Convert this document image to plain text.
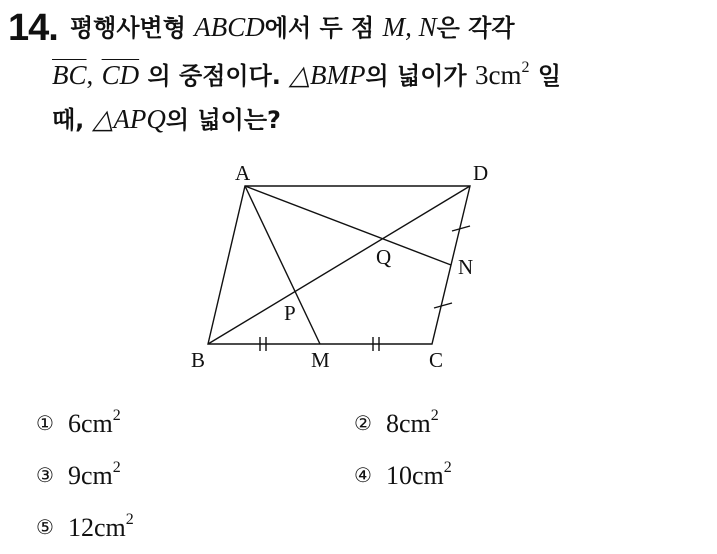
14. 평행사변형 ABCD에서 두 점 M, N은 각각
$\overline{BC}$, $\overline{CD}$ 의 중점이다. △BMP의 넓이가 $3cm^2$ 일
때, △APQ의 넓이는?
A	D
B	C
M
N
P
Q
① $6cm^2$	② $8cm^2$
③ $9cm^2$	④ $10cm^2$
⑤ $12cm^2$
